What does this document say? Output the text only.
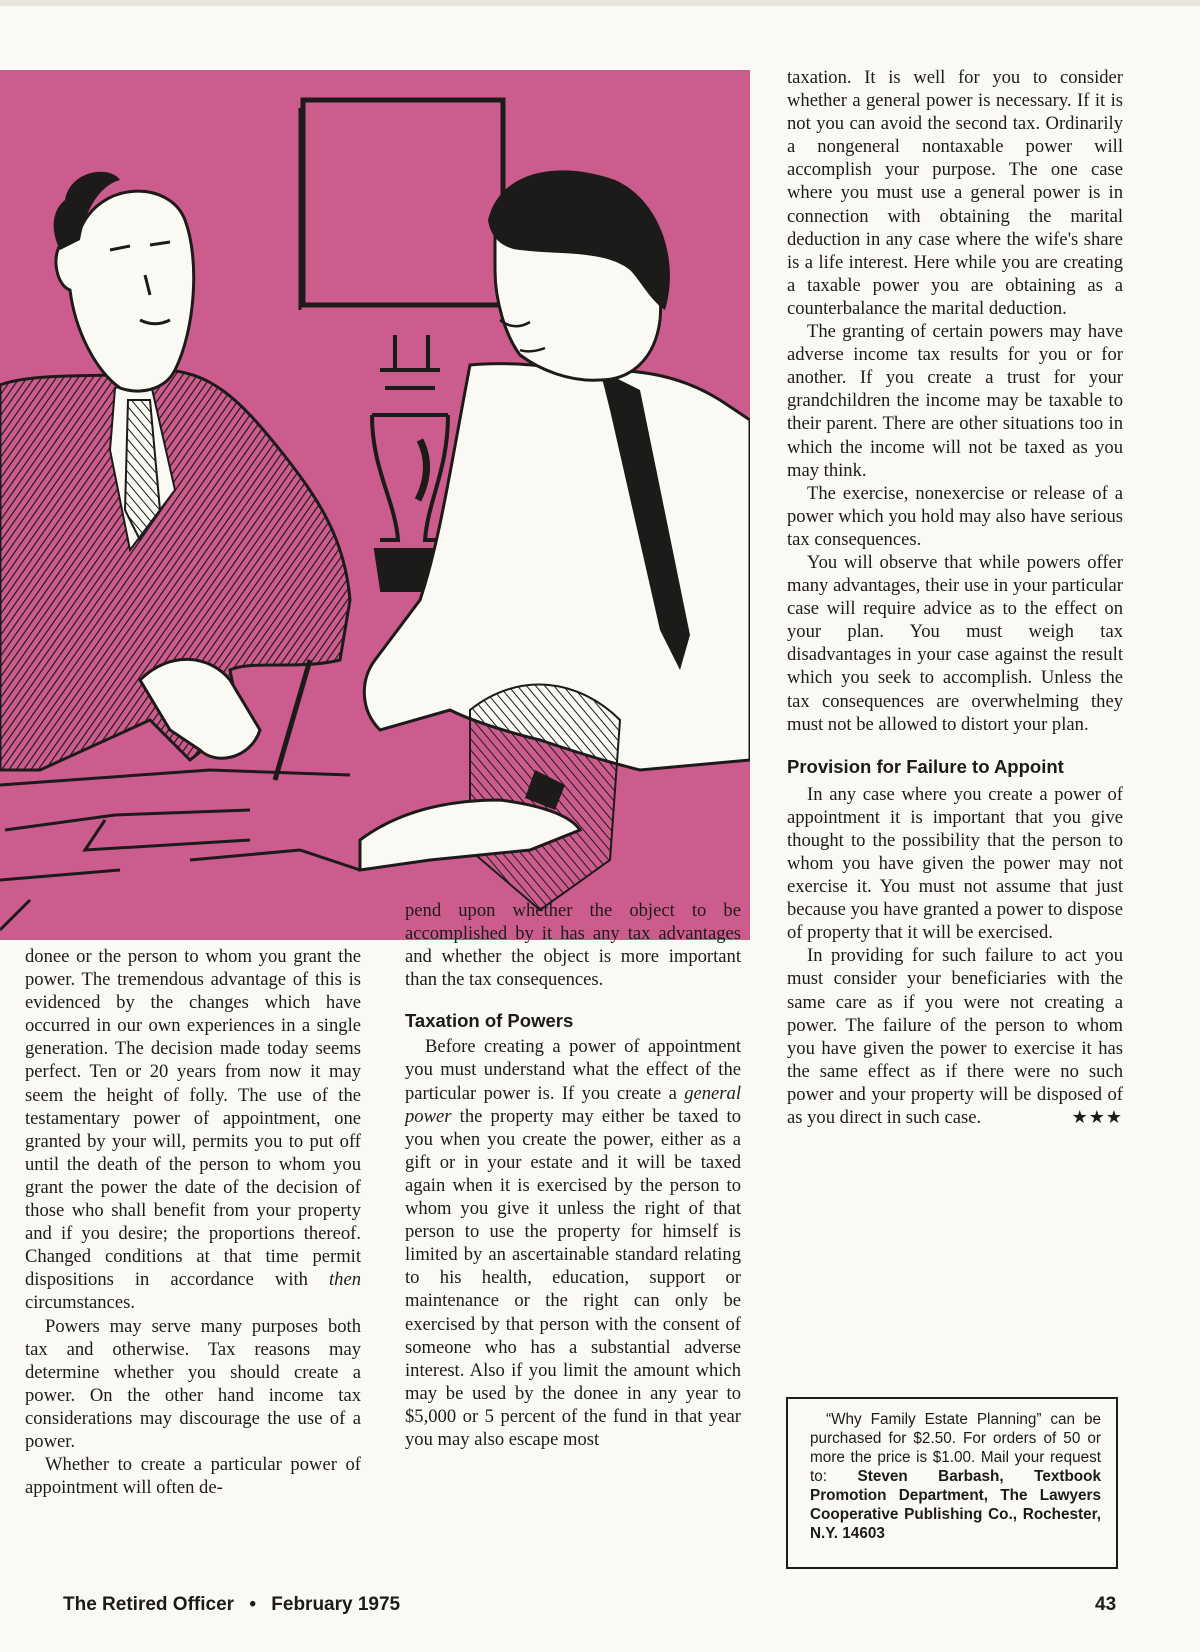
donee or the person to whom you grant the power. The tremendous advantage of this is evidenced by the changes which have occurred in our own experiences in a single generation. The decision made today seems perfect. Ten or 20 years from now it may seem the height of folly. The use of the testamentary power of appointment, one granted by your will, permits you to put off until the death of the person to whom you grant the power the date of the decision of those who shall benefit from your property and if you desire; the proportions thereof. Changed conditions at that time permit dispositions in accordance with then circumstances.

Powers may serve many purposes both tax and otherwise. Tax reasons may determine whether you should create a power. On the other hand income tax considerations may discourage the use of a power.

Whether to create a particular power of appointment will often de-

pend upon whether the object to be accomplished by it has any tax advantages and whether the object is more important than the tax consequences.

Taxation of Powers

Before creating a power of appointment you must understand what the effect of the particular power is. If you create a general power the property may either be taxed to you when you create the power, either as a gift or in your estate and it will be taxed again when it is exercised by the person to whom you give it unless the right of that person to use the property for himself is limited by an ascertainable standard relating to his health, education, support or maintenance or the right can only be exercised by that person with the consent of someone who has a substantial adverse interest. Also if you limit the amount which may be used by the donee in any year to $5,000 or 5 percent of the fund in that year you may also escape most

taxation. It is well for you to consider whether a general power is necessary. If it is not you can avoid the second tax. Ordinarily a nongeneral nontaxable power will accomplish your purpose. The one case where you must use a general power is in connection with obtaining the marital deduction in any case where the wife's share is a life interest. Here while you are creating a taxable power you are obtaining as a counterbalance the marital deduction.

The granting of certain powers may have adverse income tax results for you or for another. If you create a trust for your grandchildren the income may be taxable to their parent. There are other situations too in which the income will not be taxed as you may think.

The exercise, nonexercise or release of a power which you hold may also have serious tax consequences.

You will observe that while powers offer many advantages, their use in your particular case will require advice as to the effect on your plan. You must weigh tax disadvantages in your case against the result which you seek to accomplish. Unless the tax consequences are overwhelming they must not be allowed to distort your plan.

Provision for Failure to Appoint

In any case where you create a power of appointment it is important that you give thought to the possibility that the person to whom you have given the power may not exercise it. You must not assume that just because you have granted a power to dispose of property that it will be exercised.

In providing for such failure to act you must consider your beneficiaries with the same care as if you were not creating a power. The failure of the person to whom you have given the power to exercise it has the same effect as if there were no such power and your property will be disposed of as you direct in such case.	★★★

“Why Family Estate Planning” can be purchased for $2.50. For orders of 50 or more the price is $1.00. Mail your request to: Steven Barbash, Textbook Promotion Department, The Lawyers Cooperative Publishing Co., Rochester, N.Y. 14603

The Retired Officer • February 1975	43
